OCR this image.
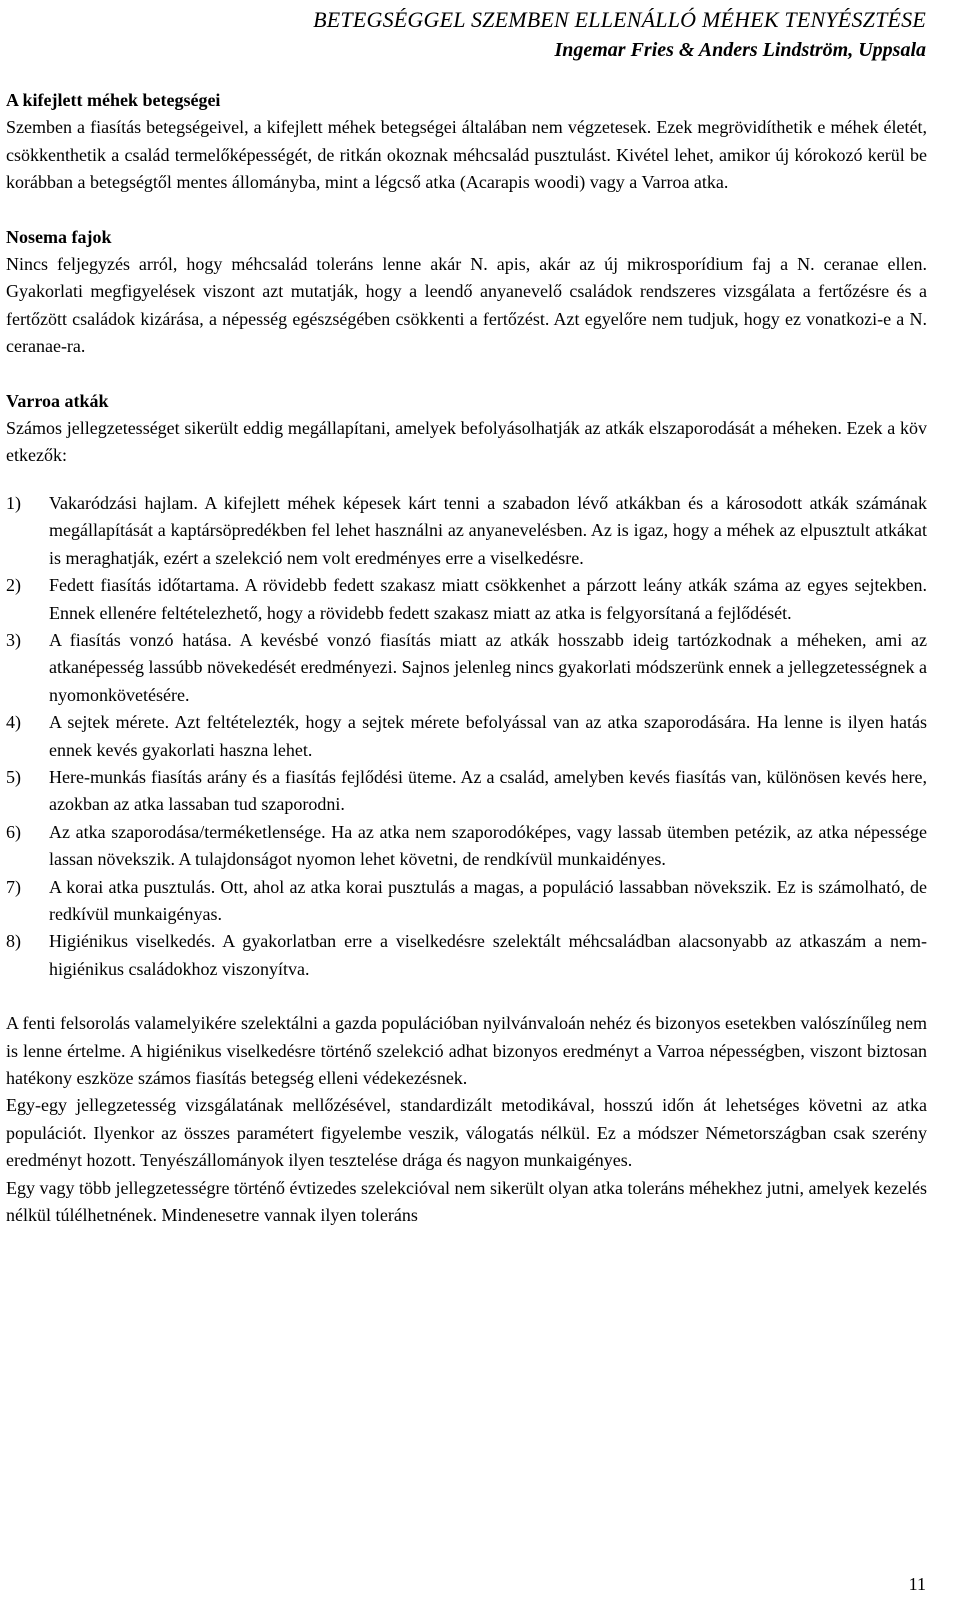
BETEGSÉGGEL SZEMBEN ELLENÁLLÓ MÉHEK TENYÉSZTÉSE
Ingemar Fries & Anders Lindström, Uppsala
A kifejlett méhek betegségei

Szemben a fiasítás betegségeivel, a kifejlett méhek betegségei általában nem végzetesek. Ezek megrövidíthetik e méhek életét, csökkenthetik a család termelőképességét, de ritkán okoznak méhcsalád pusztulást. Kivétel lehet, amikor új kórokozó kerül be korábban a betegségtől mentes állományba, mint a légcső atka (Acarapis woodi) vagy a Varroa atka.

Nosema fajok

Nincs feljegyzés arról, hogy méhcsalád toleráns lenne akár N. apis, akár az új mikrosporídium faj a N. ceranae ellen. Gyakorlati megfigyelések viszont azt mutatják, hogy a leendő anyanevelő családok rendszeres vizsgálata a fertőzésre és a fertőzött családok kizárása, a népesség egészségében csökkenti a fertőzést. Azt egyelőre nem tudjuk, hogy ez vonatkozi-e a N. ceranae-ra.

Varroa atkák

Számos jellegzetességet sikerült eddig megállapítani, amelyek befolyásolhatják az atkák elszaporodását a méheken. Ezek a köv etkezők:

1) Vakaródzási hajlam. A kifejlett méhek képesek kárt tenni a szabadon lévő atkákban és a károsodott atkák számának megállapítását a kaptársöpredékben fel lehet használni az anyanevelésben. Az is igaz, hogy a méhek az elpusztult atkákat is meraghatják, ezért a szelekció nem volt eredményes erre a viselkedésre.
2) Fedett fiasítás időtartama. A rövidebb fedett szakasz miatt csökkenhet a párzott leány atkák száma az egyes sejtekben. Ennek ellenére feltételezhető, hogy a rövidebb fedett szakasz miatt az atka is felgyorsítaná a fejlődését.
3) A fiasítás vonzó hatása. A kevésbé vonzó fiasítás miatt az atkák hosszabb ideig tartózkodnak a méheken, ami az atkanépesség lassúbb növekedését eredményezi. Sajnos jelenleg nincs gyakorlati módszerünk ennek a jellegzetességnek a nyomonkövetésére.
4) A sejtek mérete. Azt feltételezték, hogy a sejtek mérete befolyással van az atka szaporodására. Ha lenne is ilyen hatás ennek kevés gyakorlati haszna lehet.
5) Here-munkás fiasítás arány és a fiasítás fejlődési üteme. Az a család, amelyben kevés fiasítás van, különösen kevés here, azokban az atka lassaban tud szaporodni.
6) Az atka szaporodása/terméketlensége. Ha az atka nem szaporodóképes, vagy lassab ütemben petézik, az atka népessége lassan növekszik. A tulajdonságot nyomon lehet követni, de rendkívül munkaidényes.
7) A korai atka pusztulás. Ott, ahol az atka korai pusztulás a magas, a populáció lassabban növekszik. Ez is számolható, de redkívül munkaigényas.
8) Higiénikus viselkedés. A gyakorlatban erre a viselkedésre szelektált méhcsaládban alacsonyabb az atkaszám a nem-higiénikus családokhoz viszonyítva.

A fenti felsorolás valamelyikére szelektálni a gazda populációban nyilvánvaloán nehéz és bizonyos esetekben valószínűleg nem is lenne értelme. A higiénikus viselkedésre történő szelekció adhat bizonyos eredményt a Varroa népességben, viszont biztosan hatékony eszköze számos fiasítás betegség elleni védekezésnek.

Egy-egy jellegzetesség vizsgálatának mellőzésével, standardizált metodikával, hosszú időn át lehetséges követni az atka populációt. Ilyenkor az összes paramétert figyelembe veszik, válogatás nélkül. Ez a módszer Németországban csak szerény eredményt hozott. Tenyészállományok ilyen tesztelése drága és nagyon munkaigényes.

Egy vagy több jellegzetességre történő évtizedes szelekcióval nem sikerült olyan atka toleráns méhekhez jutni, amelyek kezelés nélkül túlélhetnének. Mindenesetre vannak ilyen toleráns

11
